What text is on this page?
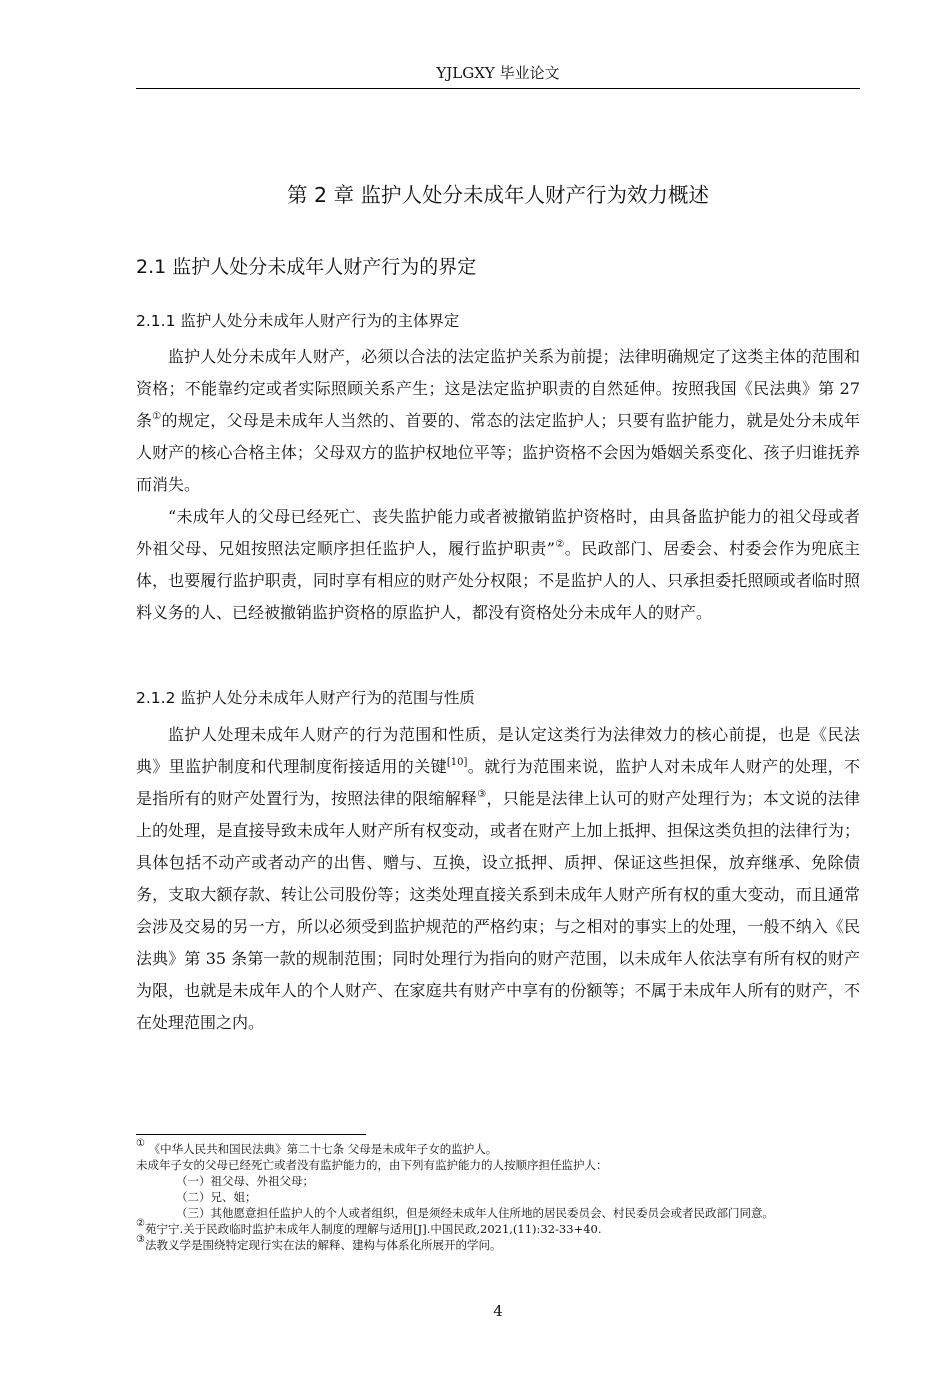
YJLGXY 毕业论文
第 2 章 监护人处分未成年人财产行为效力概述
2.1 监护人处分未成年人财产行为的界定
2.1.1 监护人处分未成年人财产行为的主体界定

监护人处分未成年人财产，必须以合法的法定监护关系为前提；法律明确规定了这类主体的范围和资格；不能靠约定或者实际照顾关系产生；这是法定监护职责的自然延伸。按照我国《民法典》第 27 条①的规定，父母是未成年人当然的、首要的、常态的法定监护人；只要有监护能力，就是处分未成年人财产的核心合格主体；父母双方的监护权地位平等；监护资格不会因为婚姻关系变化、孩子归谁抚养而消失。

“未成年人的父母已经死亡、丧失监护能力或者被撤销监护资格时，由具备监护能力的祖父母或者外祖父母、兄姐按照法定顺序担任监护人，履行监护职责”②。民政部门、居委会、村委会作为兜底主体，也要履行监护职责，同时享有相应的财产处分权限；不是监护人的人、只承担委托照顾或者临时照料义务的人、已经被撤销监护资格的原监护人，都没有资格处分未成年人的财产。

2.1.2 监护人处分未成年人财产行为的范围与性质

监护人处理未成年人财产的行为范围和性质，是认定这类行为法律效力的核心前提，也是《民法典》里监护制度和代理制度衔接适用的关键[10]。就行为范围来说，监护人对未成年人财产的处理，不是指所有的财产处置行为，按照法律的限缩解释③，只能是法律上认可的财产处理行为；本文说的法律上的处理，是直接导致未成年人财产所有权变动，或者在财产上加上抵押、担保这类负担的法律行为；具体包括不动产或者动产的出售、赠与、互换，设立抵押、质押、保证这些担保，放弃继承、免除债务，支取大额存款、转让公司股份等；这类处理直接关系到未成年人财产所有权的重大变动，而且通常会涉及交易的另一方，所以必须受到监护规范的严格约束；与之相对的事实上的处理，一般不纳入《民法典》第 35 条第一款的规制范围；同时处理行为指向的财产范围，以未成年人依法享有所有权的财产为限，也就是未成年人的个人财产、在家庭共有财产中享有的份额等；不属于未成年人所有的财产，不在处理范围之内。

① 《中华人民共和国民法典》第二十七条 父母是未成年子女的监护人。
未成年子女的父母已经死亡或者没有监护能力的，由下列有监护能力的人按顺序担任监护人：
（一）祖父母、外祖父母；
（二）兄、姐；
（三）其他愿意担任监护人的个人或者组织，但是须经未成年人住所地的居民委员会、村民委员会或者民政部门同意。
②苑宁宁.关于民政临时监护未成年人制度的理解与适用[J].中国民政,2021,(11):32-33+40.
③法教义学是围绕特定现行实在法的解释、建构与体系化所展开的学问。
4
